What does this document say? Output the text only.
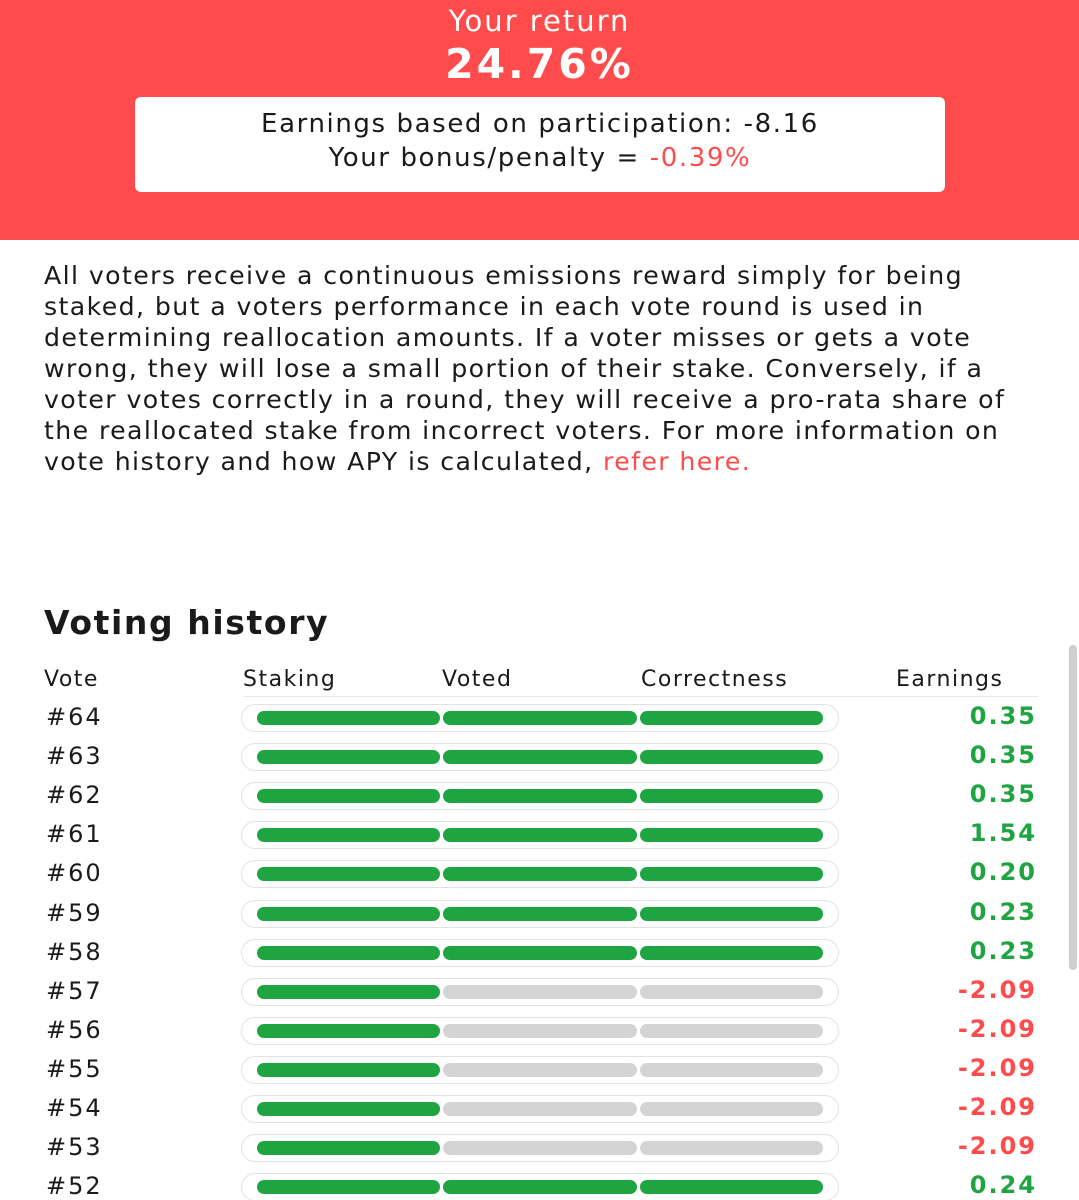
Your return
24.76%
Earnings based on participation: -8.16
Your bonus/penalty = -0.39%
All voters receive a continuous emissions reward simply for being staked, but a voters performance in each vote round is used in determining reallocation amounts. If a voter misses or gets a vote wrong, they will lose a small portion of their stake. Conversely, if a voter votes correctly in a round, they will receive a pro-rata share of the reallocated stake from incorrect voters. For more information on vote history and how APY is calculated, refer here.
Voting history
Vote	Staking	Voted	Correctness	Earnings
#64	0.35
#63	0.35
#62	0.35
#61	1.54
#60	0.20
#59	0.23
#58	0.23
#57	-2.09
#56	-2.09
#55	-2.09
#54	-2.09
#53	-2.09
#52	0.24
